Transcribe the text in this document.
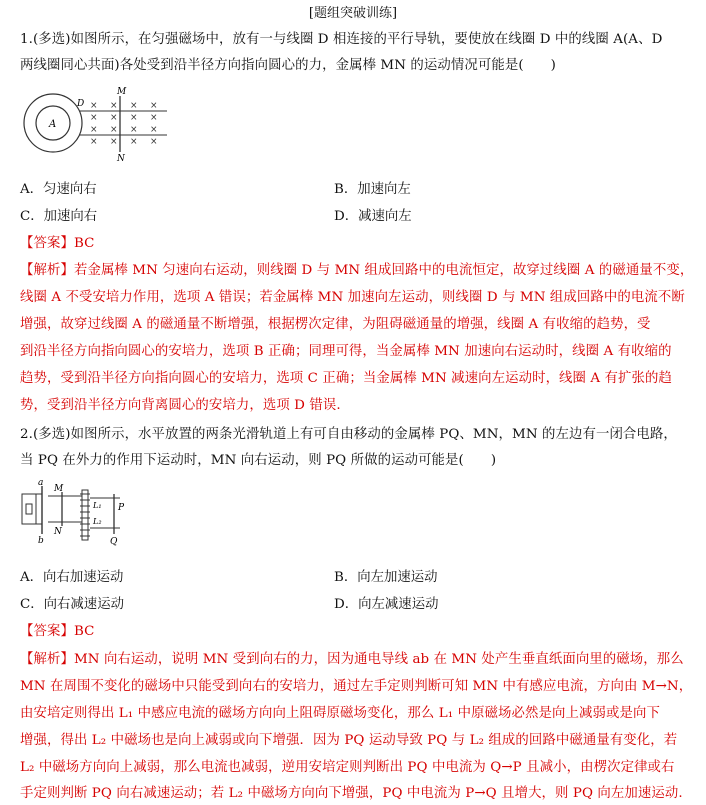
[题组突破训练]
1.(多选)如图所示，在匀强磁场中，放有一与线圈 D 相连接的平行导轨，要使放在线圈 D 中的线圈 A(A、D
两线圈同心共面)各处受到沿半径方向指向圆心的力，金属棒 MN 的运动情况可能是(　　)
A
D
M
N
× × × ×
× × × ×
× × × ×
× × × ×
A．匀速向右	B．加速向左
C．加速向右	D．减速向左
【答案】BC
【解析】若金属棒 MN 匀速向右运动，则线圈 D 与 MN 组成回路中的电流恒定，故穿过线圈 A 的磁通量不变，
线圈 A 不受安培力作用，选项 A 错误；若金属棒 MN 加速向左运动，则线圈 D 与 MN 组成回路中的电流不断
增强，故穿过线圈 A 的磁通量不断增强，根据楞次定律，为阻碍磁通量的增强，线圈 A 有收缩的趋势，受
到沿半径方向指向圆心的安培力，选项 B 正确；同理可得，当金属棒 MN 加速向右运动时，线圈 A 有收缩的
趋势，受到沿半径方向指向圆心的安培力，选项 C 正确；当金属棒 MN 减速向左运动时，线圈 A 有扩张的趋
势，受到沿半径方向背离圆心的安培力，选项 D 错误.
2.(多选)如图所示，水平放置的两条光滑轨道上有可自由移动的金属棒 PQ、MN，MN 的左边有一闭合电路，
当 PQ 在外力的作用下运动时，MN 向右运动，则 PQ 所做的运动可能是(　　)
a
b
M
N
L₁
L₂
P
Q
A．向右加速运动	B．向左加速运动
C．向右减速运动	D．向左减速运动
【答案】BC
【解析】MN 向右运动，说明 MN 受到向右的力，因为通电导线 ab 在 MN 处产生垂直纸面向里的磁场，那么
MN 在周围不变化的磁场中只能受到向右的安培力，通过左手定则判断可知 MN 中有感应电流，方向由 M→N，
由安培定则得出 L₁ 中感应电流的磁场方向向上阻碍原磁场变化，那么 L₁ 中原磁场必然是向上减弱或是向下
增强，得出 L₂ 中磁场也是向上减弱或向下增强．因为 PQ 运动导致 PQ 与 L₂ 组成的回路中磁通量有变化，若
L₂ 中磁场方向向上减弱，那么电流也减弱，逆用安培定则判断出 PQ 中电流为 Q→P 且减小，由楞次定律或右
手定则判断 PQ 向右减速运动；若 L₂ 中磁场方向向下增强，PQ 中电流为 P→Q 且增大，则 PQ 向左加速运动.
